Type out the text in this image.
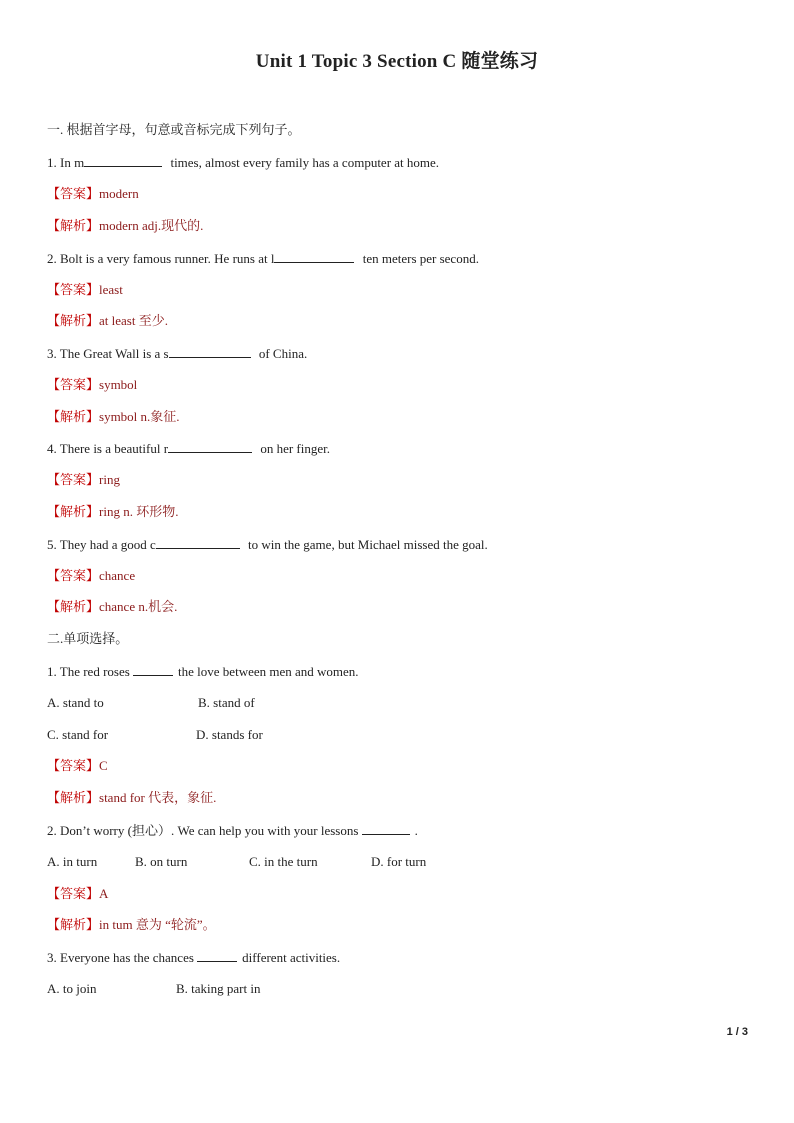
Unit 1 Topic 3 Section C 随堂练习
一. 根据首字母，句意或音标完成下列句子。
1. In m	times, almost every family has a computer at home.
【答案】modern
【解析】modern adj.现代的.
2. Bolt is a very famous runner. He runs at l	ten meters per second.
【答案】least
【解析】at least 至少.
3. The Great Wall is a s	of China.
【答案】symbol
【解析】symbol n.象征.
4. There is a beautiful r	on her finger.
【答案】ring
【解析】ring n. 环形物.
5. They had a good c	to win the game, but Michael missed the goal.
【答案】chance
【解析】chance n.机会.
二.单项选择。
1. The red roses	the love between men and women.
A. stand to	B. stand of
C. stand for	D. stands for
【答案】C
【解析】stand for 代表，象征.
2. Don’t worry (担心）. We can help you with your lessons	.
A. in turn	B. on turn	C. in the turn	D. for turn
【答案】A
【解析】in tum 意为 “轮流”。
3. Everyone has the chances	different activities.
A. to join	B. taking part in
1 / 3
